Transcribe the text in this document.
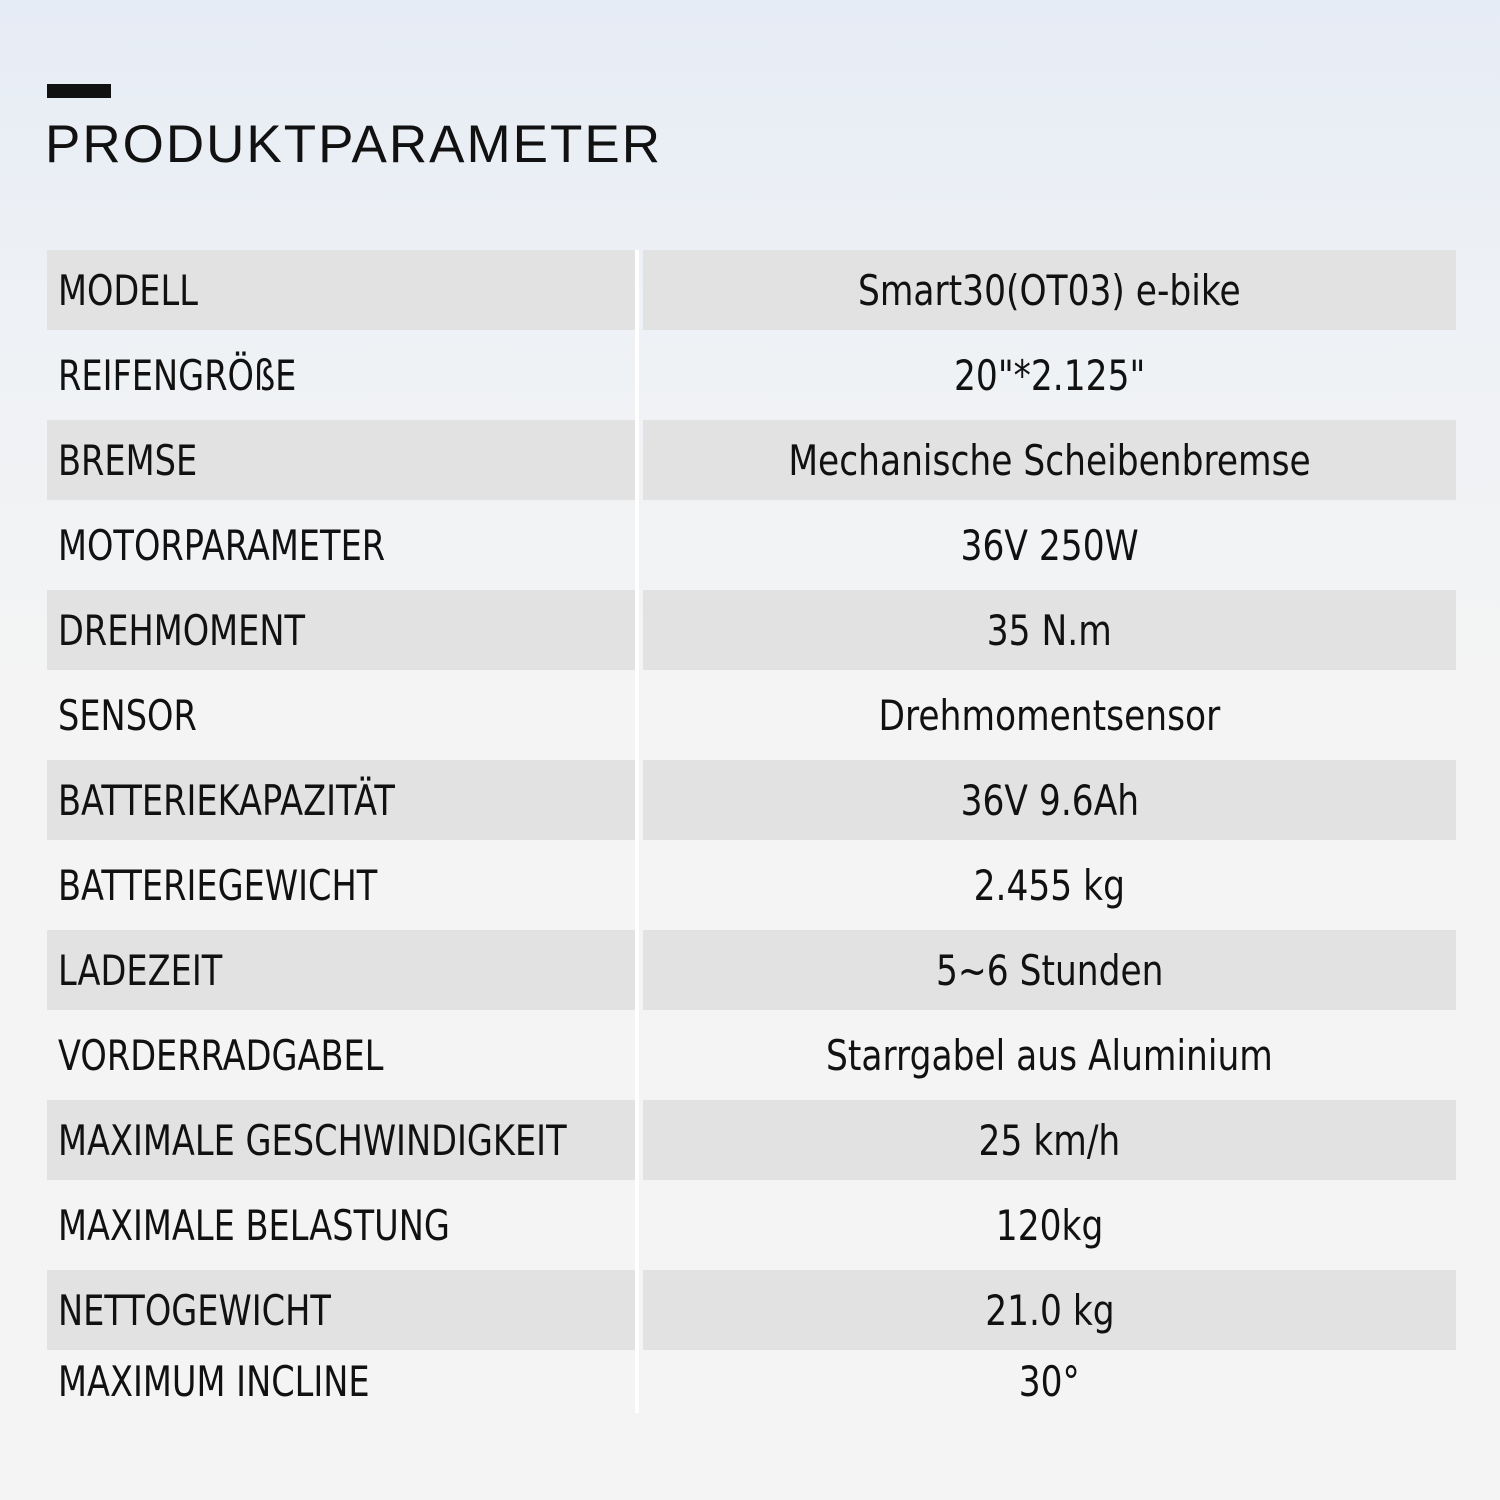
PRODUKTPARAMETER
MODELL	Smart30(OT03) e-bike
REIFENGRÖßE	20"*2.125"
BREMSE	Mechanische Scheibenbremse
MOTORPARAMETER	36V 250W
DREHMOMENT	35 N.m
SENSOR	Drehmomentsensor
BATTERIEKAPAZITÄT	36V 9.6Ah
BATTERIEGEWICHT	2.455 kg
LADEZEIT	5~6 Stunden
VORDERRADGABEL	Starrgabel aus Aluminium
MAXIMALE GESCHWINDIGKEIT	25 km/h
MAXIMALE BELASTUNG	120kg
NETTOGEWICHT	21.0 kg
MAXIMUM INCLINE	30°
